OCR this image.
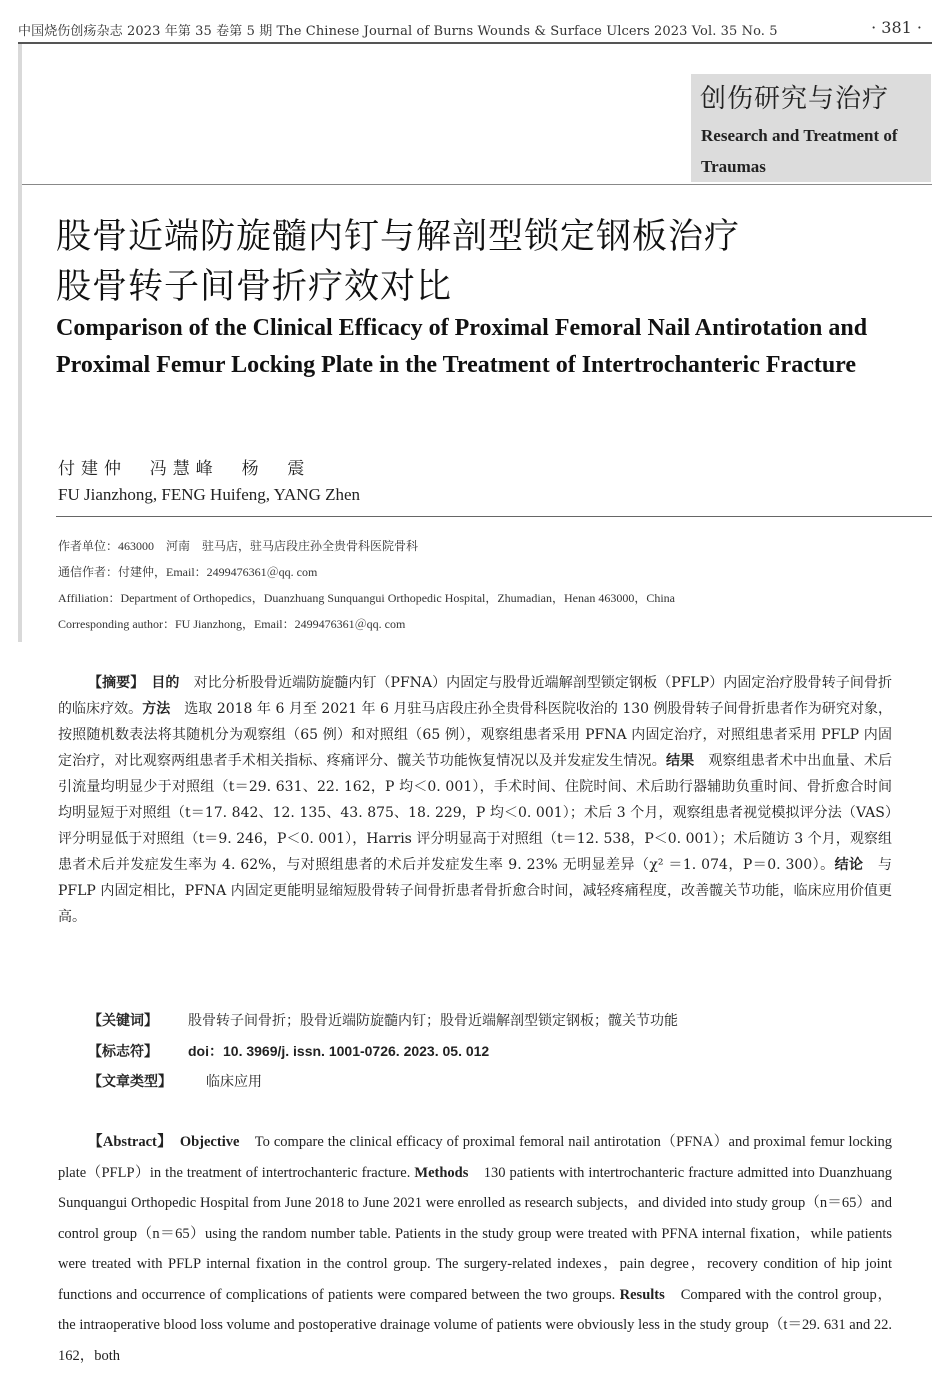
中国烧伤创疡杂志 2023 年第 35 卷第 5 期 The Chinese Journal of Burns Wounds & Surface Ulcers 2023 Vol. 35 No. 5	· 381 ·
创伤研究与治疗
Research and Treatment of Traumas
股骨近端防旋髓内钉与解剖型锁定钢板治疗
股骨转子间骨折疗效对比
Comparison of the Clinical Efficacy of Proximal Femoral Nail Antirotation and Proximal Femur Locking Plate in the Treatment of Intertrochanteric Fracture
付建仲  冯慧峰  杨  震
FU Jianzhong, FENG Huifeng, YANG Zhen
作者单位：463000　河南　驻马店，驻马店段庄孙全贵骨科医院骨科
通信作者：付建仲，Email：2499476361＠qq. com
Affiliation：Department of Orthopedics，Duanzhuang Sunquangui Orthopedic Hospital，Zhumadian，Henan 463000，China
Corresponding author：FU Jianzhong，Email：2499476361＠qq. com
【摘要】　 目的　 对比分析股骨近端防旋髓内钉（PFNA）内固定与股骨近端解剖型锁定钢板（PFLP）内固定治疗股骨转子间骨折的临床疗效。方法　 选取 2018 年 6 月至 2021 年 6 月驻马店段庄孙全贵骨科医院收治的 130 例股骨转子间骨折患者作为研究对象，按照随机数表法将其随机分为观察组（65 例）和对照组（65 例），观察组患者采用 PFNA 内固定治疗，对照组患者采用 PFLP 内固定治疗，对比观察两组患者手术相关指标、疼痛评分、髋关节功能恢复情况以及并发症发生情况。结果　 观察组患者术中出血量、术后引流量均明显少于对照组（t＝29. 631、22. 162，P 均＜0. 001），手术时间、住院时间、术后助行器辅助负重时间、骨折愈合时间均明显短于对照组（t＝17. 842、12. 135、43. 875、18. 229，P 均＜0. 001）；术后 3 个月，观察组患者视觉模拟评分法（VAS）评分明显低于对照组（t＝9. 246，P＜0. 001），Harris 评分明显高于对照组（t＝12. 538，P＜0. 001）；术后随访 3 个月，观察组患者术后并发症发生率为 4. 62%，与对照组患者的术后并发症发生率 9. 23% 无明显差异（χ² ＝1. 074，P＝0. 300）。结论　 与 PFLP 内固定相比，PFNA 内固定更能明显缩短股骨转子间骨折患者骨折愈合时间，减轻疼痛程度，改善髋关节功能，临床应用价值更高。
【关键词】 股骨转子间骨折；股骨近端防旋髓内钉；股骨近端解剖型锁定钢板；髋关节功能
【标志符】 doi：10. 3969/j. issn. 1001-0726. 2023. 05. 012
【文章类型】 临床应用
【Abstract】　 Objective　 To compare the clinical efficacy of proximal femoral nail antirotation（PFNA）and proximal femur locking plate（PFLP）in the treatment of intertrochanteric fracture. Methods　 130 patients with intertrochanteric fracture admitted into Duanzhuang Sunquangui Orthopedic Hospital from June 2018 to June 2021 were enrolled as research subjects，and divided into study group（n＝65）and control group（n＝65）using the random number table. Patients in the study group were treated with PFNA internal fixation，while patients were treated with PFLP internal fixation in the control group. The surgery-related indexes，pain degree，recovery condition of hip joint functions and occurrence of complications of patients were compared between the two groups. Results　 Compared with the control group，the intraoperative blood loss volume and postoperative drainage volume of patients were obviously less in the study group（t＝29. 631 and 22. 162，both
